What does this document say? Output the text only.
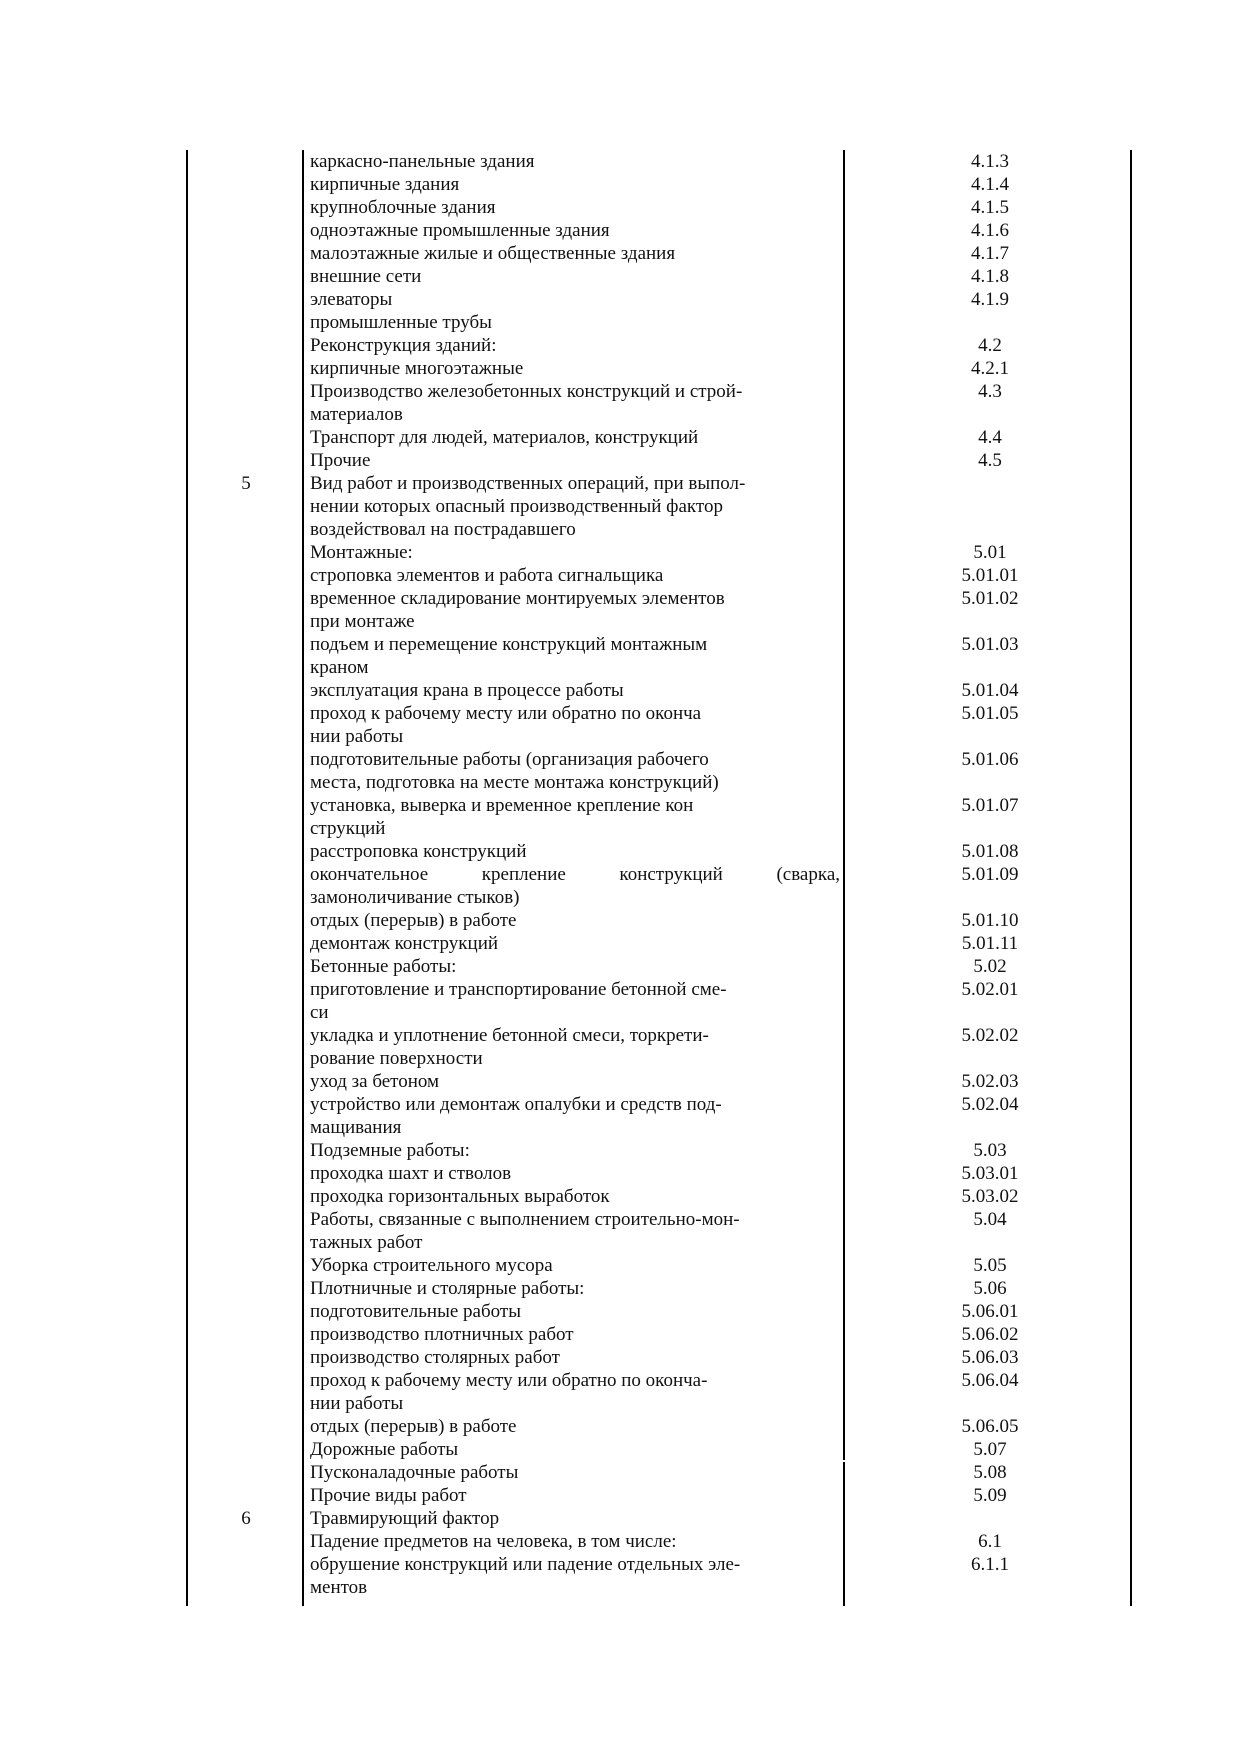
каркасно-панельные здания	4.1.3
кирпичные здания	4.1.4
крупноблочные здания	4.1.5
одноэтажные промышленные здания	4.1.6
малоэтажные жилые и общественные здания	4.1.7
внешние сети	4.1.8
элеваторы	4.1.9
промышленные трубы
Реконструкция зданий:	4.2
кирпичные многоэтажные	4.2.1
Производство железобетонных конструкций и строй-	4.3
материалов
Транспорт для людей, материалов, конструкций	4.4
Прочие	4.5
5	Вид работ и производственных операций, при выпол-
нении которых опасный производственный фактор
воздействовал на пострадавшего
Монтажные:	5.01
строповка элементов и работа сигнальщика	5.01.01
временное складирование монтируемых элементов	5.01.02
при монтаже
подъем и перемещение конструкций монтажным	5.01.03
краном
эксплуатация крана в процессе работы	5.01.04
проход к рабочему месту или обратно по оконча	5.01.05
нии работы
подготовительные работы (организация рабочего	5.01.06
места, подготовка на месте монтажа конструкций)
установка, выверка и временное крепление кон	5.01.07
струкций
расстроповка конструкций	5.01.08
окончательное крепление конструкций (сварка,	5.01.09
замоноличивание стыков)
отдых (перерыв) в работе	5.01.10
демонтаж конструкций	5.01.11
Бетонные работы:	5.02
приготовление и транспортирование бетонной сме-	5.02.01
си
укладка и уплотнение бетонной смеси, торкрети-	5.02.02
рование поверхности
уход за бетоном	5.02.03
устройство или демонтаж опалубки и средств под-	5.02.04
мащивания
Подземные работы:	5.03
проходка шахт и стволов	5.03.01
проходка горизонтальных выработок	5.03.02
Работы, связанные с выполнением строительно-мон-	5.04
тажных работ
Уборка строительного мусора	5.05
Плотничные и столярные работы:	5.06
подготовительные работы	5.06.01
производство плотничных работ	5.06.02
производство столярных работ	5.06.03
проход к рабочему месту или обратно по оконча-	5.06.04
нии работы
отдых (перерыв) в работе	5.06.05
Дорожные работы	5.07
Пусконаладочные работы	5.08
Прочие виды работ	5.09
6	Травмирующий фактор
Падение предметов на человека, в том числе:	6.1
обрушение конструкций или падение отдельных эле-	6.1.1
ментов
